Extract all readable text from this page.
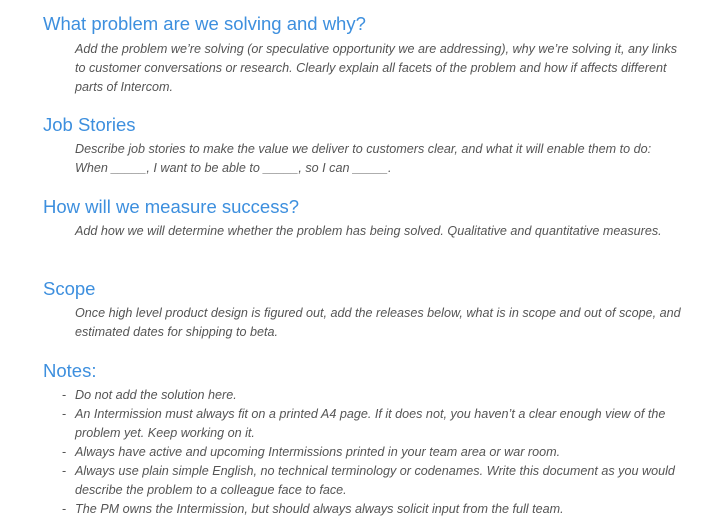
What problem are we solving and why?

Add the problem we’re solving (or speculative opportunity we are addressing), why we’re solving it, any links to customer conversations or research. Clearly explain all facets of the problem and how if affects different parts of Intercom.

Job Stories

Describe job stories to make the value we deliver to customers clear, and what it will enable them to do: When _____, I want to be able to _____, so I can _____.

How will we measure success?

Add how we will determine whether the problem has being solved. Qualitative and quantitative measures.

Scope

Once high level product design is figured out, add the releases below, what is in scope and out of scope, and estimated dates for shipping to beta.

Notes:
- Do not add the solution here.
- An Intermission must always fit on a printed A4 page. If it does not, you haven’t a clear enough view of the problem yet. Keep working on it.
- Always have active and upcoming Intermissions printed in your team area or war room.
- Always use plain simple English, no technical terminology or codenames. Write this document as you would describe the problem to a colleague face to face.
- The PM owns the Intermission, but should always always solicit input from the full team.
